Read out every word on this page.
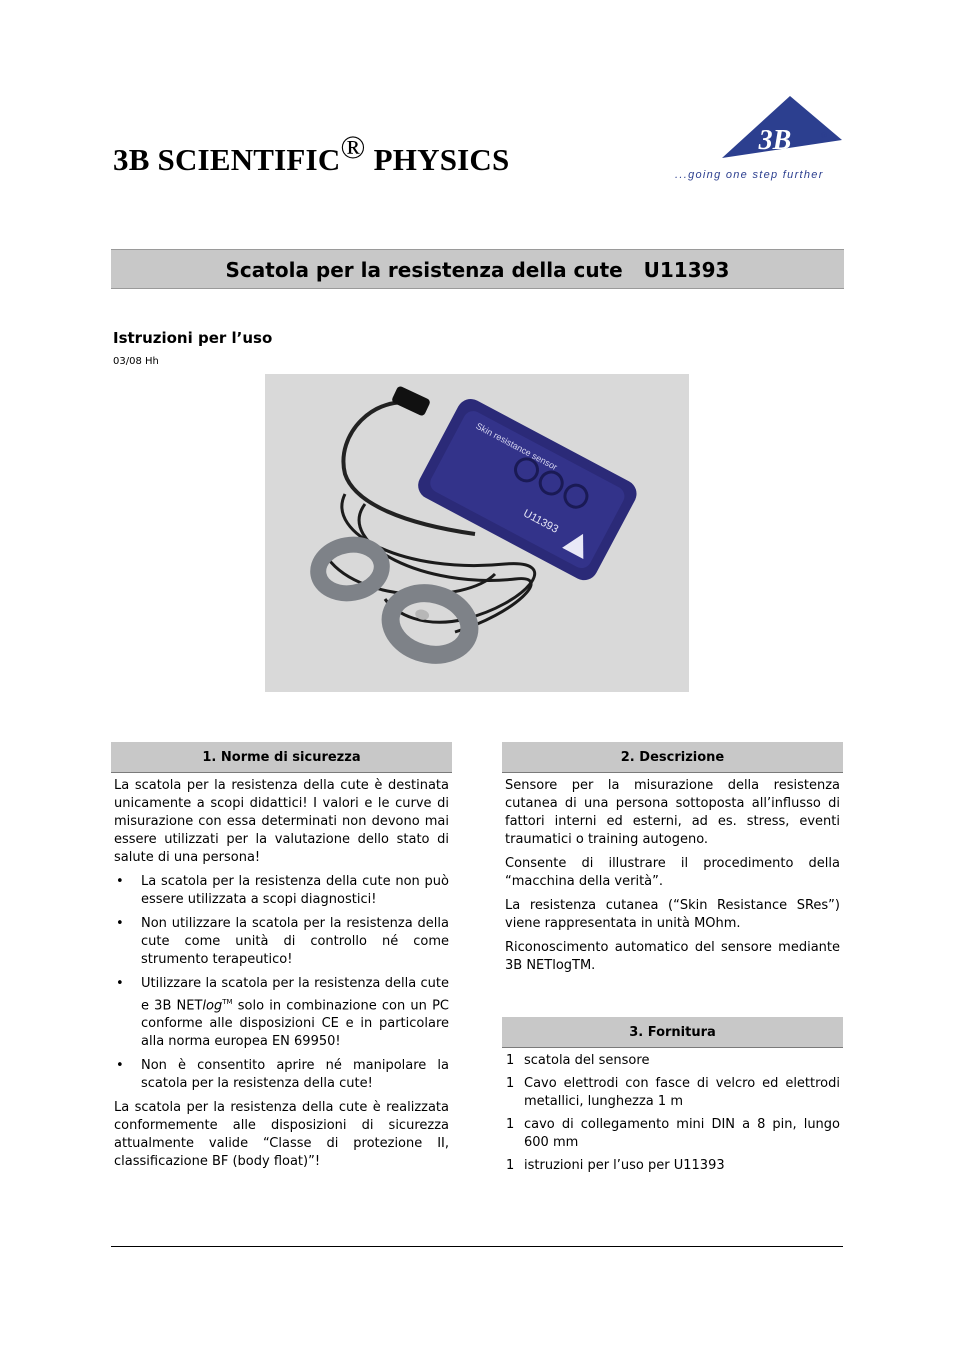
3B SCIENTIFIC® PHYSICS
3B	®
...going one step further
Scatola per la resistenza della cute   U11393
Istruzioni per l’uso
03/08 Hh
Skin resistance sensor
U11393
1. Norme di sicurezza
La scatola per la resistenza della cute è destinata unicamente a scopi didattici! I valori e le curve di misurazione con essa determinati non devono mai essere utilizzati per la valutazione dello stato di salute di una persona!
• La scatola per la resistenza della cute non può essere utilizzata a scopi diagnostici!
• Non utilizzare la scatola per la resistenza della cute come unità di controllo né come strumento terapeutico!
• Utilizzare la scatola per la resistenza della cute e 3B NETlog™ solo in combinazione con un PC conforme alle disposizioni CE e in particolare alla norma europea EN 69950!
• Non è consentito aprire né manipolare la scatola per la resistenza della cute!
La scatola per la resistenza della cute è realizzata conformemente alle disposizioni di sicurezza attualmente valide “Classe di protezione II, classificazione BF (body float)”!
2. Descrizione
Sensore per la misurazione della resistenza cutanea di una persona sottoposta all’influsso di fattori interni ed esterni, ad es. stress, eventi traumatici o training autogeno.
Consente di illustrare il procedimento della “macchina della verità”.
La resistenza cutanea (“Skin Resistance SRes”) viene rappresentata in unità MOhm.
Riconoscimento automatico del sensore mediante 3B NETlogTM.
3. Fornitura
1 scatola del sensore
1 Cavo elettrodi con fasce di velcro ed elettrodi metallici, lunghezza 1 m
1 cavo di collegamento mini DIN a 8 pin, lungo 600 mm
1 istruzioni per l’uso per U11393
